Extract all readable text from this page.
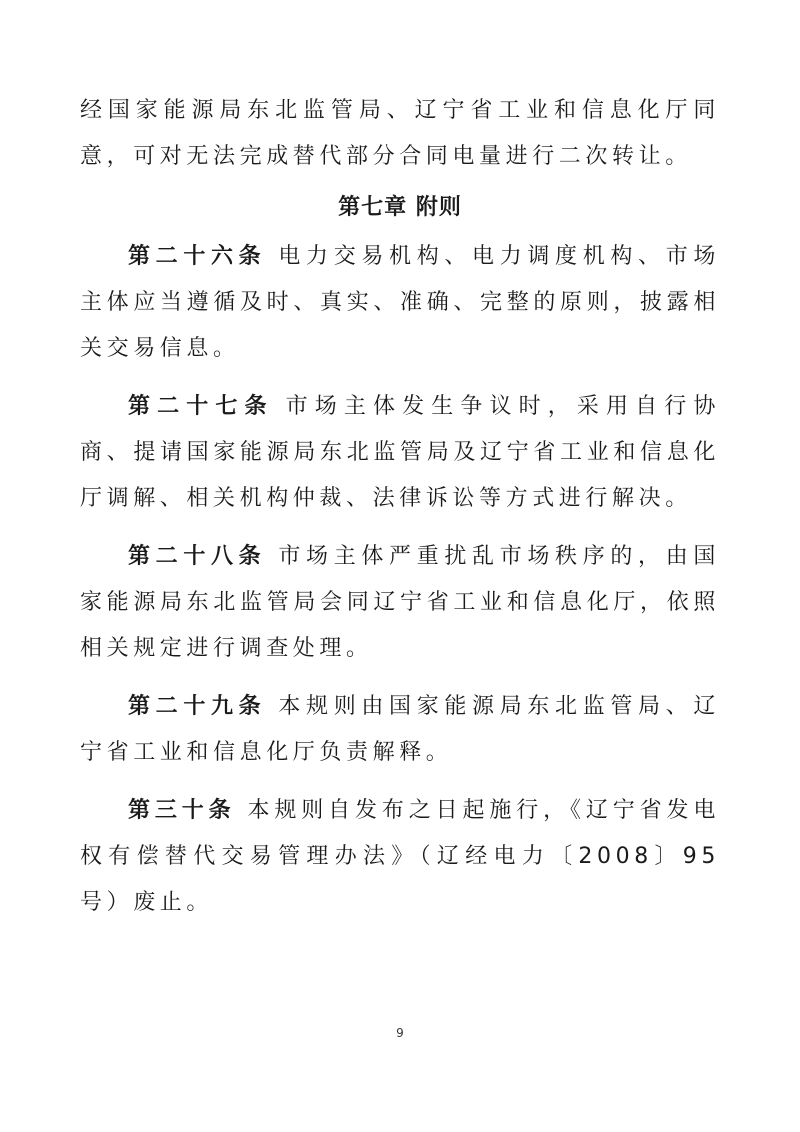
经国家能源局东北监管局、辽宁省工业和信息化厅同意，可对无法完成替代部分合同电量进行二次转让。

第七章 附则

第二十六条 电力交易机构、电力调度机构、市场主体应当遵循及时、真实、准确、完整的原则，披露相关交易信息。

第二十七条 市场主体发生争议时，采用自行协商、提请国家能源局东北监管局及辽宁省工业和信息化厅调解、相关机构仲裁、法律诉讼等方式进行解决。

第二十八条 市场主体严重扰乱市场秩序的，由国家能源局东北监管局会同辽宁省工业和信息化厅，依照相关规定进行调查处理。

第二十九条 本规则由国家能源局东北监管局、辽宁省工业和信息化厅负责解释。

第三十条 本规则自发布之日起施行，《辽宁省发电权有偿替代交易管理办法》（辽经电力〔2008〕95号）废止。

9
